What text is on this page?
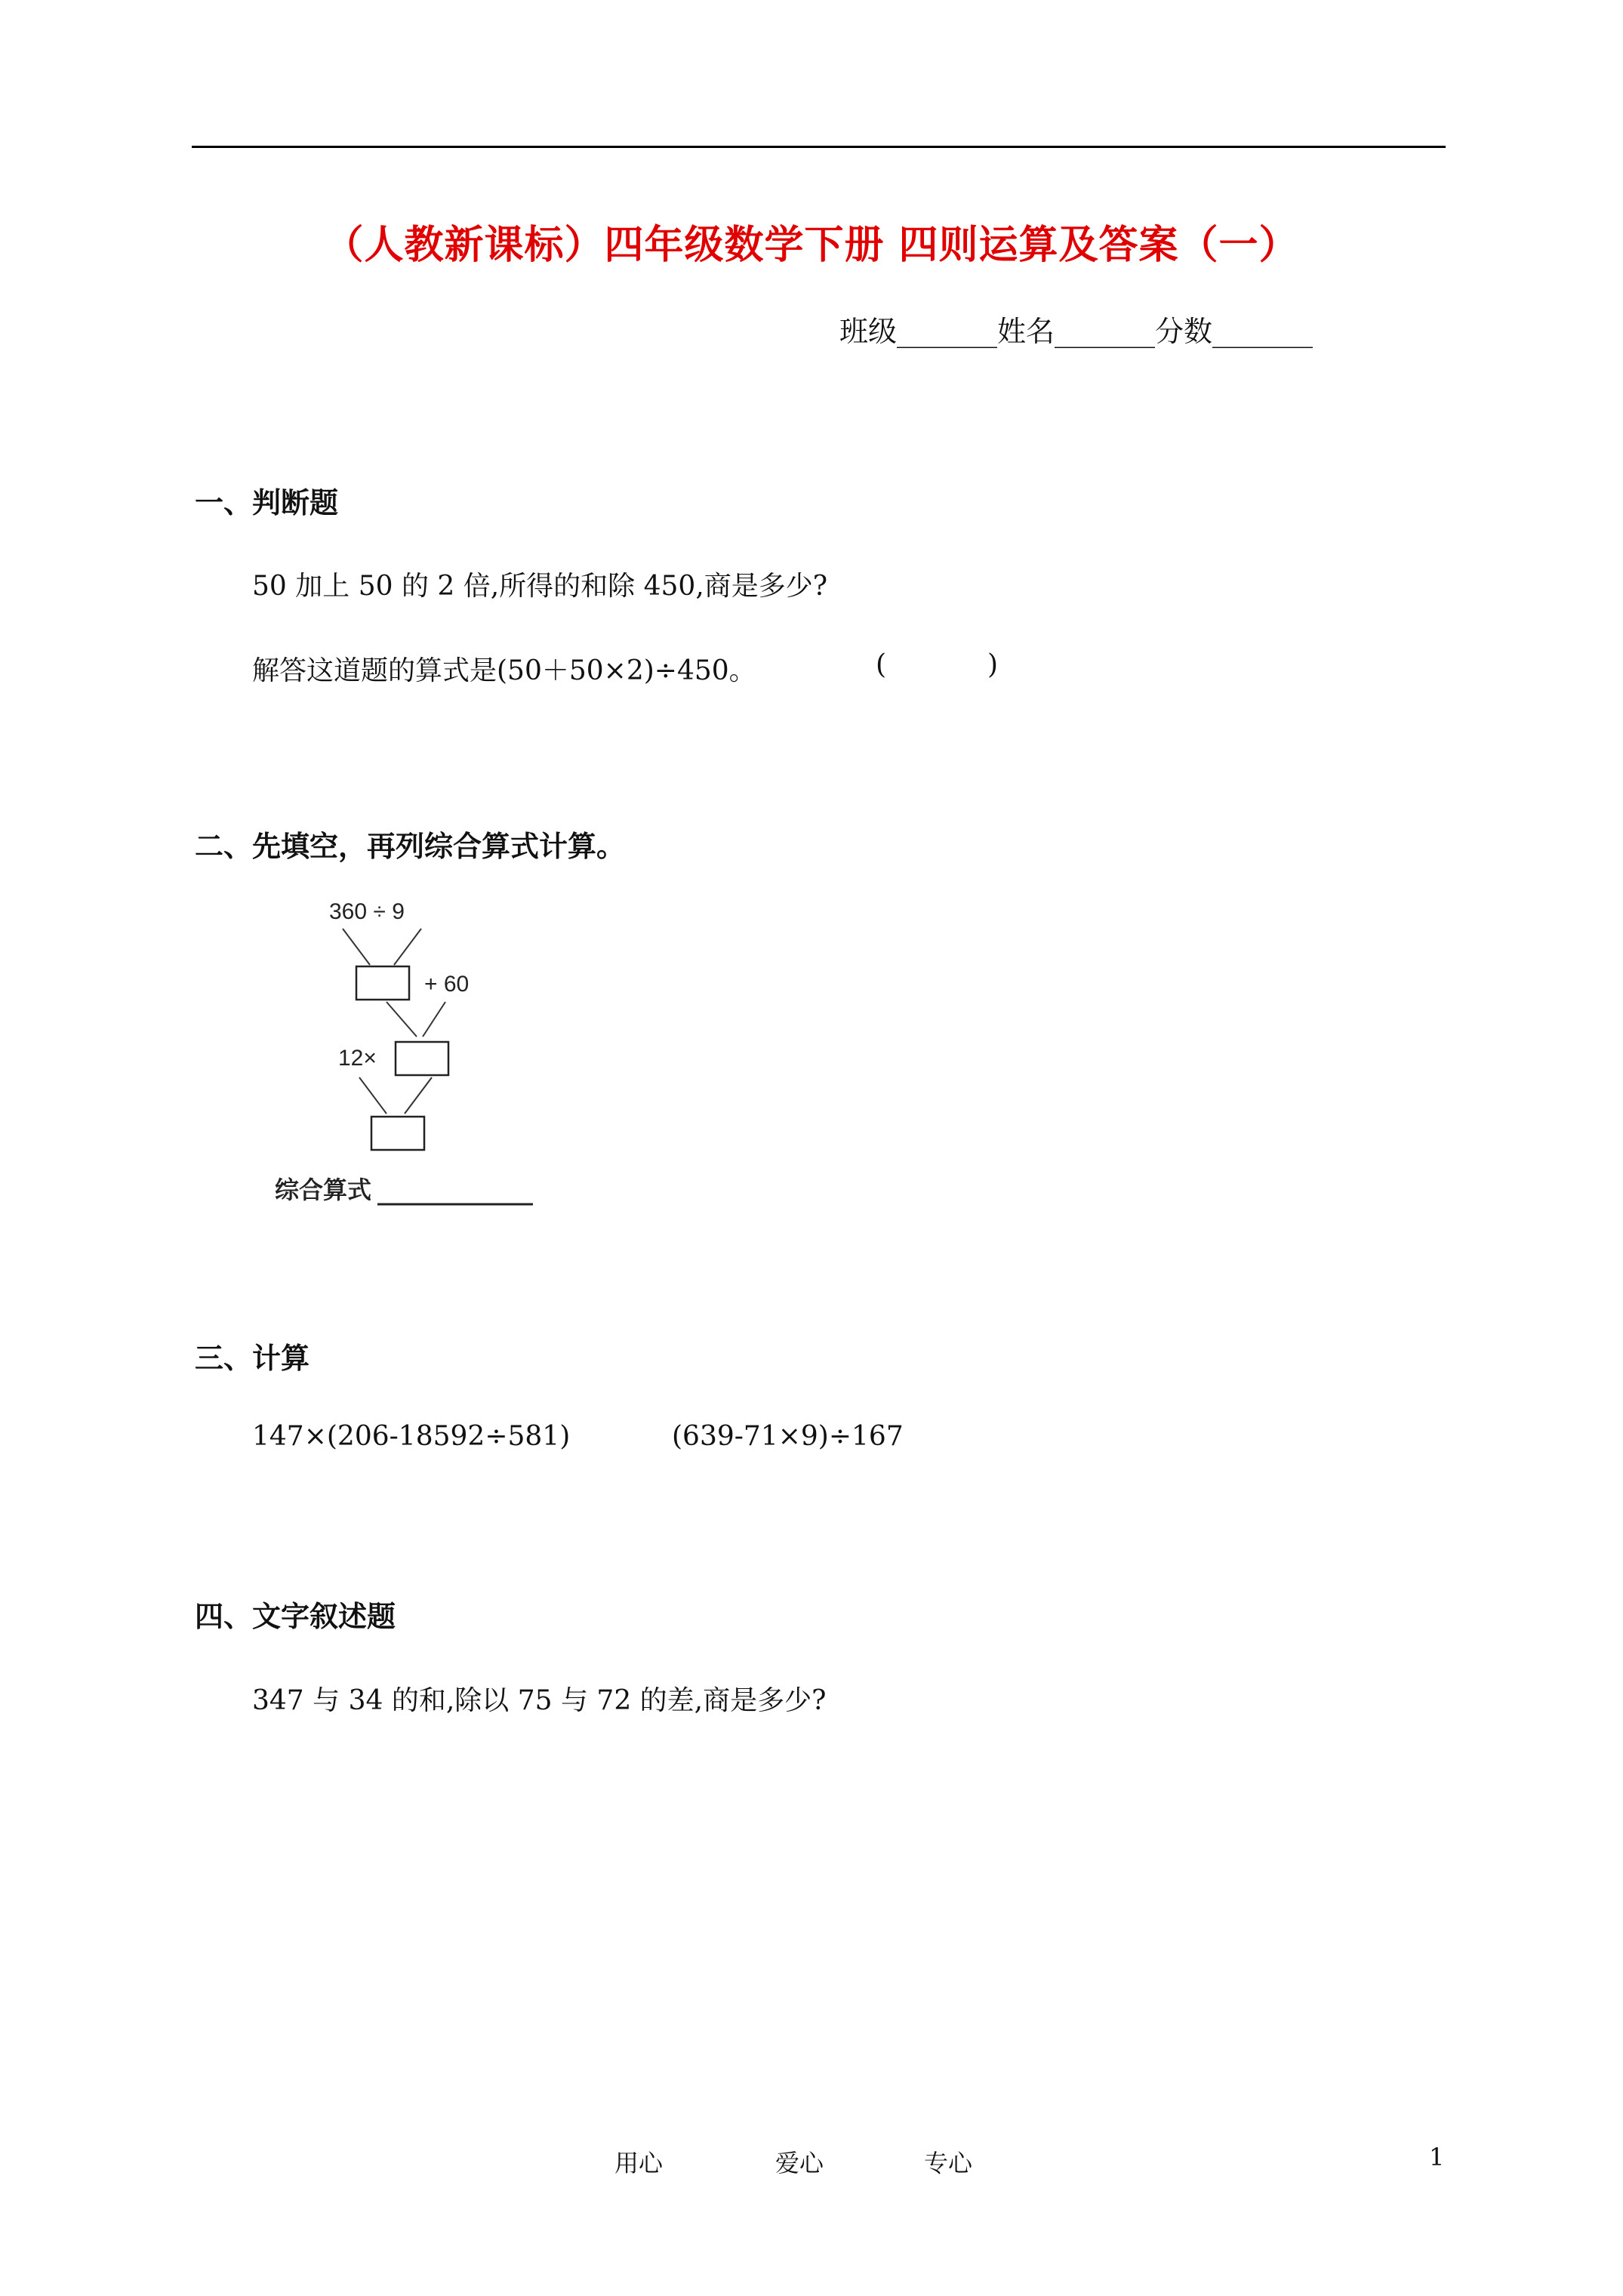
（人教新课标）四年级数学下册 四则运算及答案（一）
班级_______姓名_______分数_______
一、判断题
50 加上 50 的 2 倍,所得的和除 450,商是多少?
解答这道题的算式是(50＋50×2)÷450。	(	)
二、先填空，再列综合算式计算。
360 ÷ 9
+ 60
12×
综合算式
三、计算
147×(206-18592÷581)	(639-71×9)÷167
四、文字叙述题
347 与 34 的和,除以 75 与 72 的差,商是多少?
用心	爱心	专心	1
